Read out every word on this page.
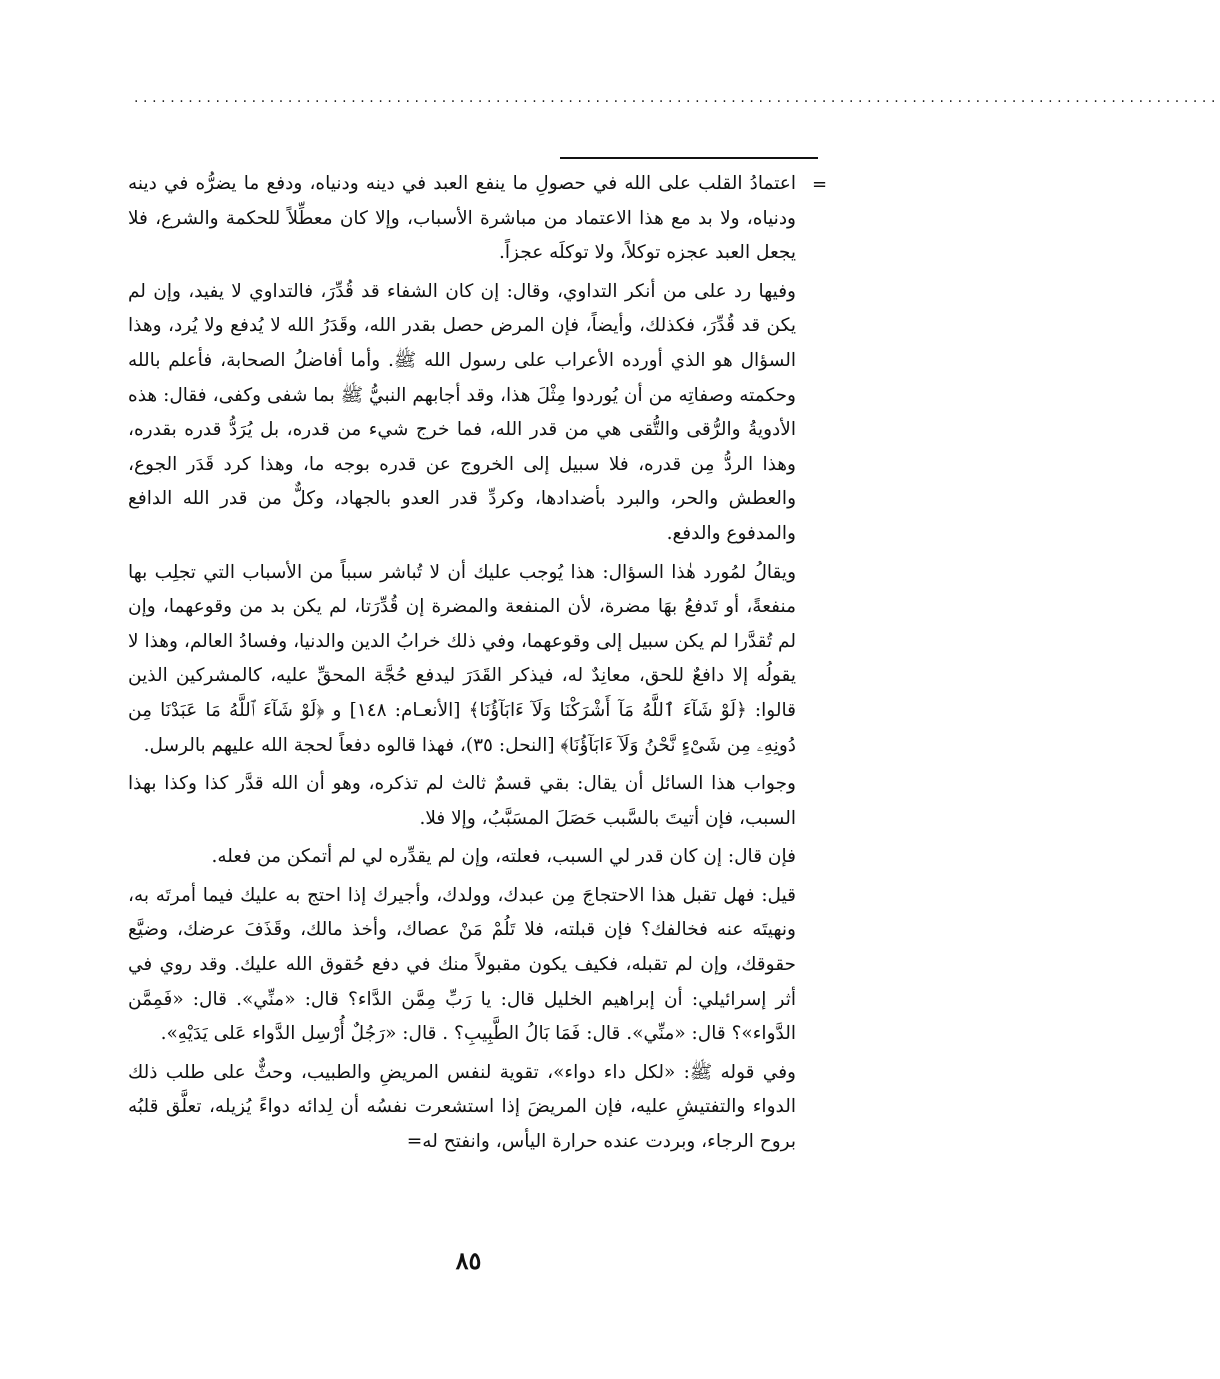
........................................................................................................................
=

اعتمادُ القلب على الله في حصولِ ما ينفع العبد في دينه ودنياه، ودفع ما يضرُّه في دينه ودنياه، ولا بد مع هذا الاعتماد من مباشرة الأسباب، وإلا كان معطِّلاً للحكمة والشرع، فلا يجعل العبد عجزه توكلاً، ولا توكلَه عجزاً.

وفيها رد على من أنكر التداوي، وقال: إن كان الشفاء قد قُدِّرَ، فالتداوي لا يفيد، وإن لم يكن قد قُدِّرَ، فكذلك، وأيضاً، فإن المرض حصل بقدر الله، وقَدَرُ الله لا يُدفع ولا يُرد، وهذا السؤال هو الذي أورده الأعراب على رسول الله ﷺ. وأما أفاضلُ الصحابة، فأعلم بالله وحكمته وصفاتِه من أن يُوردوا مِثْلَ هذا، وقد أجابهم النبيُّ ﷺ بما شفى وكفى، فقال: هذه الأدويةُ والرُّقى والتُّقى هي من قدر الله، فما خرج شيء من قدره، بل يُرَدُّ قدره بقدره، وهذا الردُّ مِن قدره، فلا سبيل إلى الخروج عن قدره بوجه ما، وهذا كرد قَدَر الجوع، والعطش والحر، والبرد بأضدادها، وكردِّ قدر العدو بالجهاد، وكلٌّ من قدر الله الدافع والمدفوع والدفع.

ويقالُ لمُورد هٰذا السؤال: هذا يُوجب عليك أن لا تُباشر سبباً من الأسباب التي تجلِب بها منفعةً، أو تَدفعُ بهَا مضرة، لأن المنفعة والمضرة إن قُدِّرَتا، لم يكن بد من وقوعهما، وإن لم تُقدَّرا لم يكن سبيل إلى وقوعهما، وفي ذلك خرابُ الدين والدنيا، وفسادُ العالم، وهذا لا يقولُه إلا دافعٌ للحق، معانِدٌ له، فيذكر القَدَرَ ليدفع حُجَّة المحقِّ عليه، كالمشركين الذين قالوا: ﴿لَوْ شَآءَ ٱللَّهُ مَآ أَشْرَكْنَا وَلَآ ءَابَآؤُنَا﴾ [الأنعـام: ١٤٨] و ﴿لَوْ شَآءَ ٱللَّهُ مَا عَبَدْنَا مِن دُونِهِۦ مِن شَىْءٍ نَّحْنُ وَلَآ ءَابَآؤُنَا﴾ [النحل: ٣٥)، فهذا قالوه دفعاً لحجة الله عليهم بالرسل.

وجواب هذا السائل أن يقال: بقي قسمٌ ثالث لم تذكره، وهو أن الله قدَّر كذا وكذا بهذا السبب، فإن أتيتَ بالسَّبب حَصَلَ المسَبَّبُ، وإلا فلا.

فإن قال: إن كان قدر لي السبب، فعلته، وإن لم يقدِّره لي لم أتمكن من فعله.

قيل: فهل تقبل هذا الاحتجاجَ مِن عبدك، وولدك، وأجيرك إذا احتج به عليك فيما أمرتَه به، ونهيتَه عنه فخالفك؟ فإن قبلته، فلا تَلُمْ مَنْ عصاك، وأخذ مالك، وقَذَفَ عرضك، وضيَّع حقوقك، وإن لم تقبله، فكيف يكون مقبولاً منك في دفع حُقوق الله عليك. وقد روي في أثر إسرائيلي: أن إبراهيم الخليل قال: يا رَبِّ مِمَّن الدَّاء؟ قال: «منِّي». قال: «فَمِمَّن الدَّواء»؟ قال: «منِّي». قال: فَمَا بَالُ الطَّبِيبِ؟ . قال: «رَجُلٌ أُرْسِل الدَّواء عَلى يَدَيْهِ».

وفي قوله ﷺ: «لكل داء دواء»، تقوية لنفس المريضِ والطبيب، وحثٌّ على طلب ذلك الدواء والتفتيشِ عليه، فإن المريضَ إذا استشعرت نفسُه أن لِدائه دواءً يُزيله، تعلَّق قلبُه بروح الرجاء، وبردت عنده حرارة اليأس، وانفتح له=

٨٥
